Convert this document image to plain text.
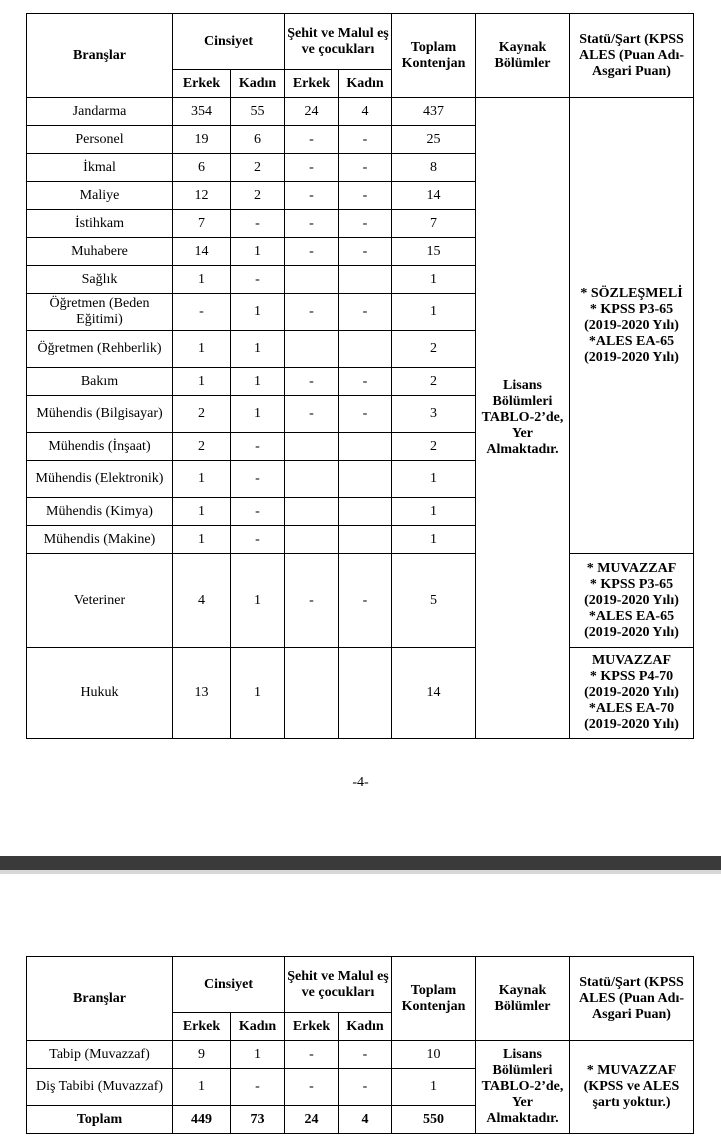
Branşlar	Cinsiyet		Şehit ve Malul eş ve çocukları		Toplam Kontenjan	Kaynak Bölümler	Statü/Şart (KPSS ALES (Puan Adı- Asgari Puan)
	Erkek	Kadın	Erkek	Kadın			
Jandarma	354	55	24	4	437	Lisans Bölümleri TABLO-2’de, Yer Almaktadır.	* SÖZLEŞMELİ
* KPSS P3-65
(2019-2020 Yılı)
*ALES EA-65
(2019-2020 Yılı)

Personel	19	6	-	-	25		
İkmal	6	2	-	-	8		
Maliye	12	2	-	-	14		
İstihkam	7	-	-	-	7		
Muhabere	14	1	-	-	15		
Sağlık	1	-			1		
Öğretmen (Beden Eğitimi)	-	1	-	-	1		
Öğretmen (Rehberlik)	1	1			2		
Bakım	1	1	-	-	2		
Mühendis (Bilgisayar)	2	1	-	-	3		
Mühendis (İnşaat)	2	-			2		
Mühendis (Elektronik)	1	-			1		
Mühendis (Kimya)	1	-			1		
Mühendis (Makine)	1	-			1		
Veteriner	4	1	-	-	5		* MUVAZZAF
* KPSS P3-65
(2019-2020 Yılı)
*ALES EA-65
(2019-2020 Yılı)

Hukuk	13	1			14		MUVAZZAF
* KPSS P4-70
(2019-2020 Yılı)
*ALES EA-70
(2019-2020 Yılı)
-4-
Branşlar	Cinsiyet		Şehit ve Malul eş ve çocukları		Toplam Kontenjan	Kaynak Bölümler	Statü/Şart (KPSS ALES (Puan Adı- Asgari Puan)
	Erkek	Kadın	Erkek	Kadın			
Tabip (Muvazzaf)	9	1	-	-	10	Lisans Bölümleri TABLO-2’de, Yer Almaktadır.	* MUVAZZAF
(KPSS ve ALES
şartı yoktur.)

Diş Tabibi (Muvazzaf)	1	-	-	-	1		
Toplam	449	73	24	4	550		
